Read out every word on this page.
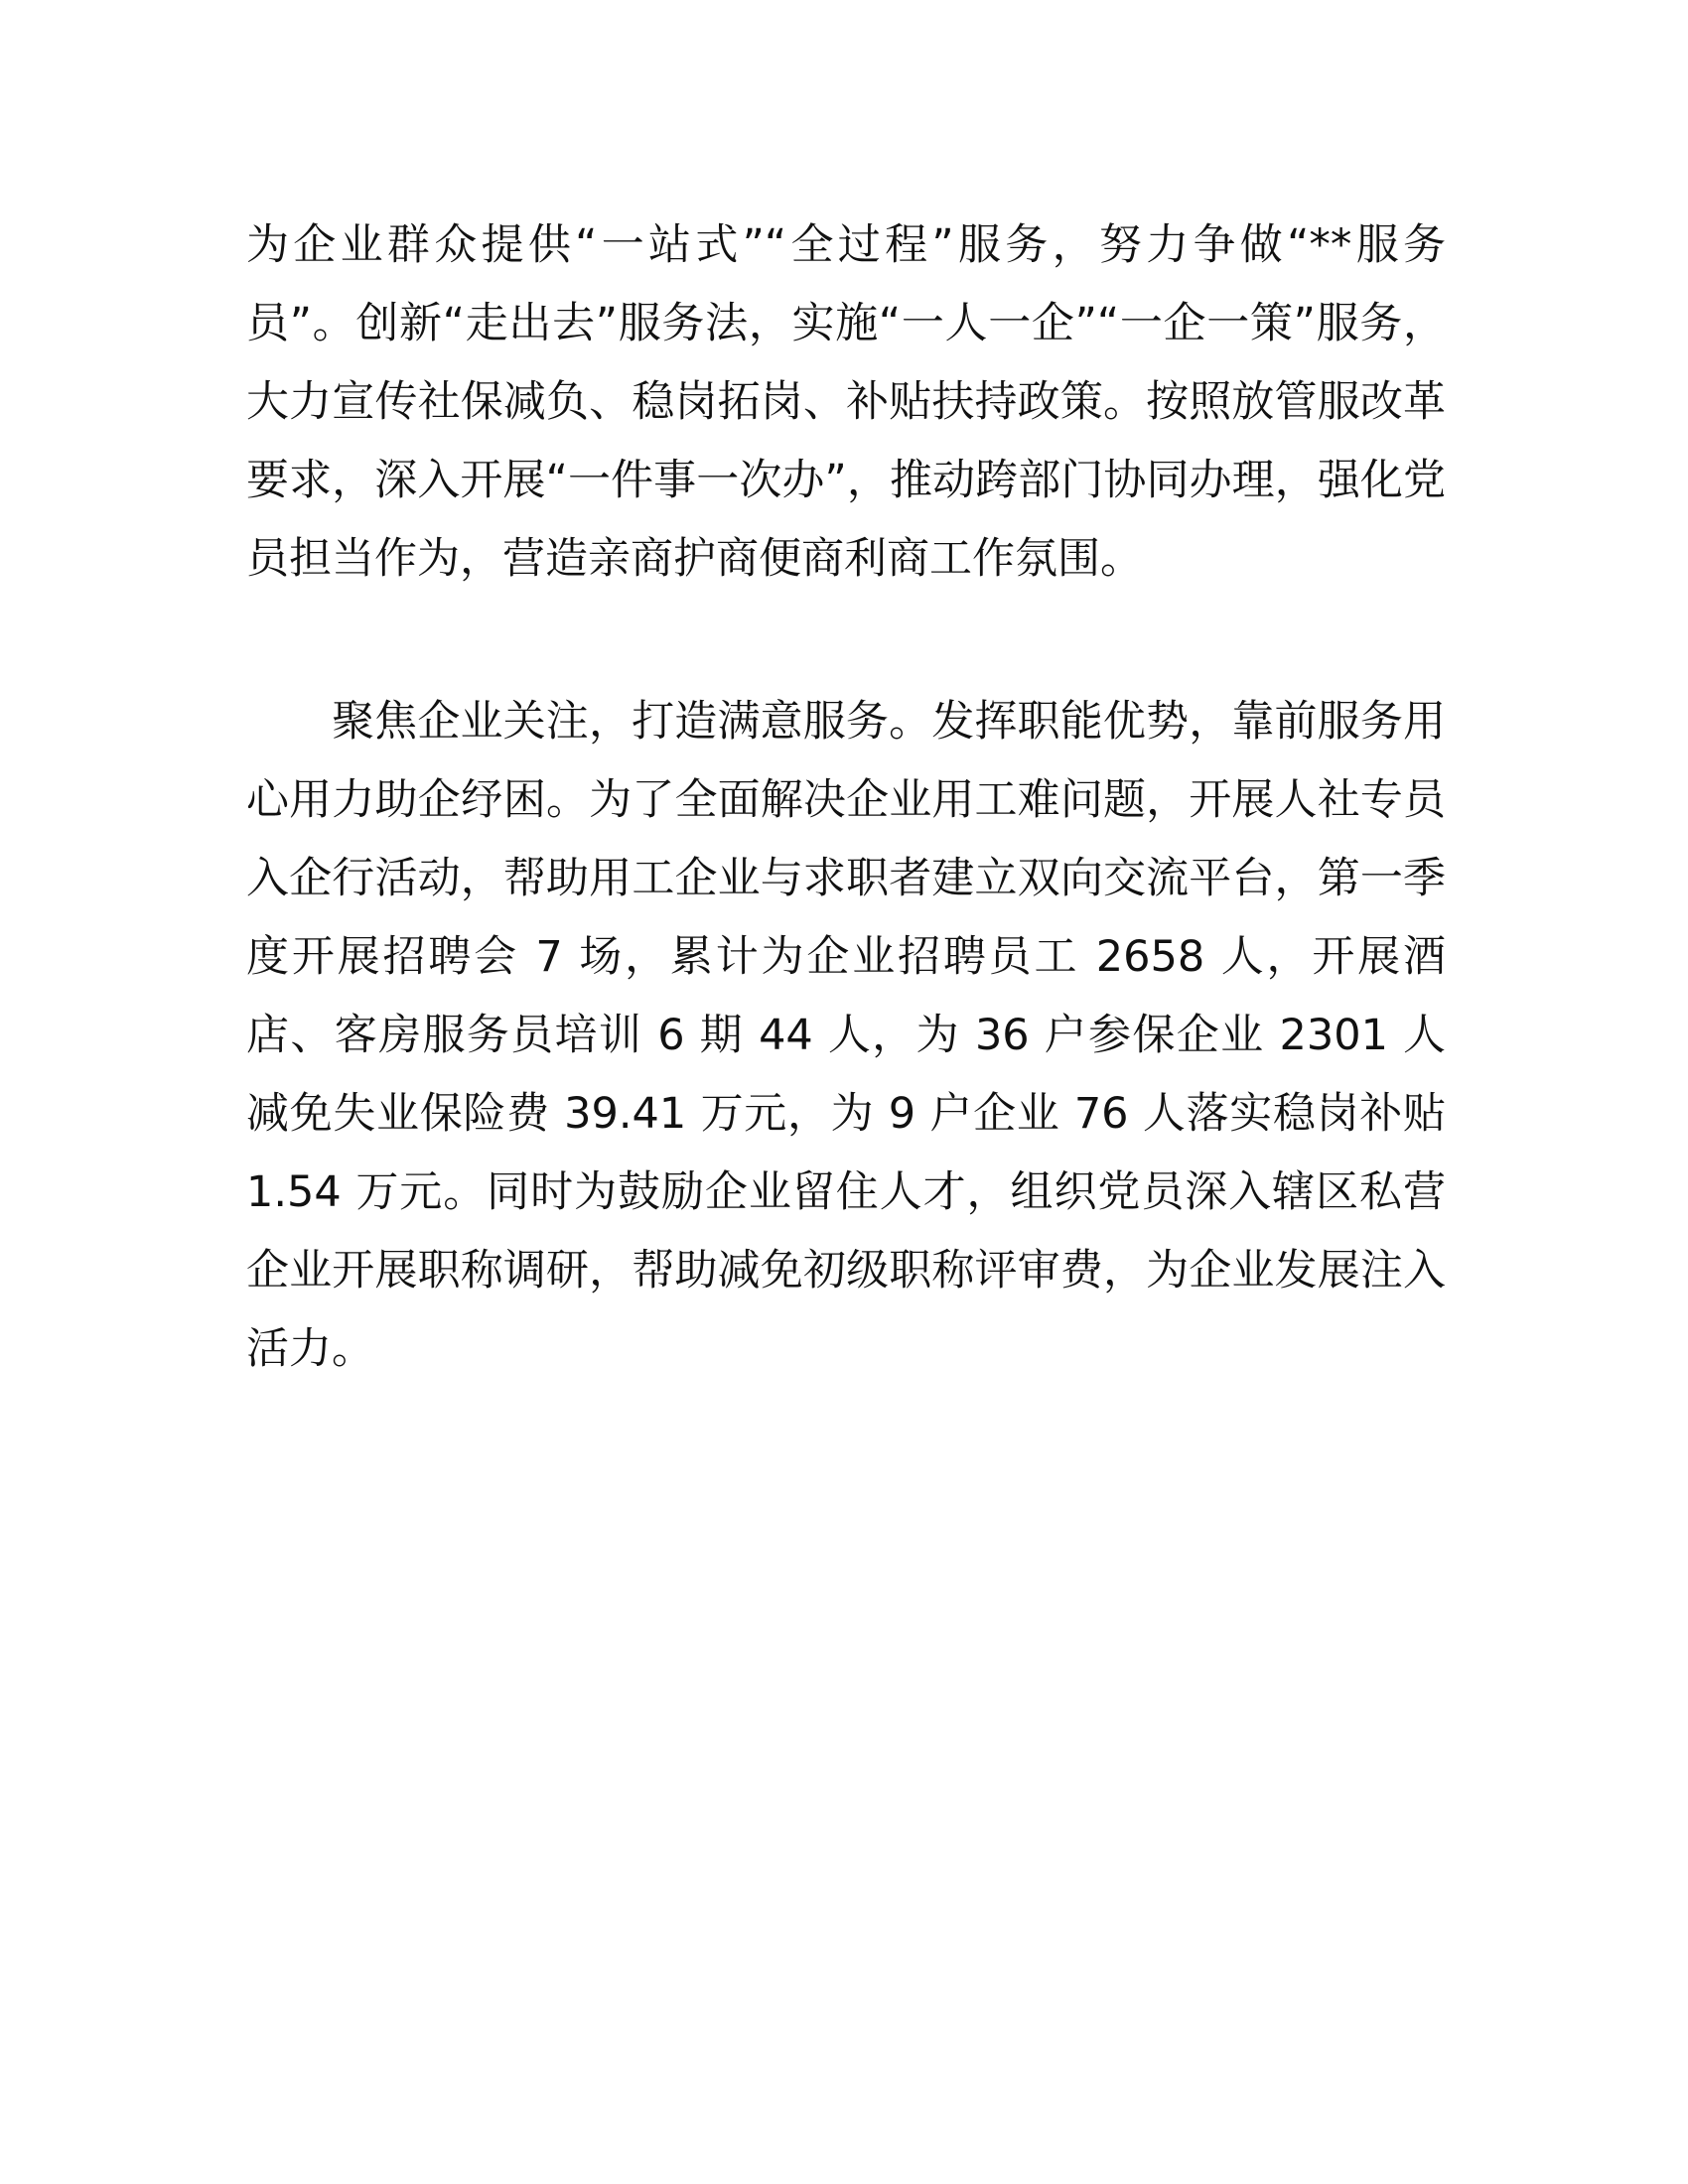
为企业群众提供“一站式”“全过程”服务，努力争做“**服务员”。创新“走出去”服务法，实施“一人一企”“一企一策”服务，大力宣传社保减负、稳岗拓岗、补贴扶持政策。按照放管服改革要求，深入开展“一件事一次办”，推动跨部门协同办理，强化党员担当作为，营造亲商护商便商利商工作氛围。

聚焦企业关注，打造满意服务。发挥职能优势，靠前服务用心用力助企纾困。为了全面解决企业用工难问题，开展人社专员入企行活动，帮助用工企业与求职者建立双向交流平台，第一季度开展招聘会 7 场，累计为企业招聘员工 2658 人，开展酒店、客房服务员培训 6 期 44 人，为 36 户参保企业 2301 人减免失业保险费 39.41 万元，为 9 户企业 76 人落实稳岗补贴 1.54 万元。同时为鼓励企业留住人才，组织党员深入辖区私营企业开展职称调研，帮助减免初级职称评审费，为企业发展注入活力。
